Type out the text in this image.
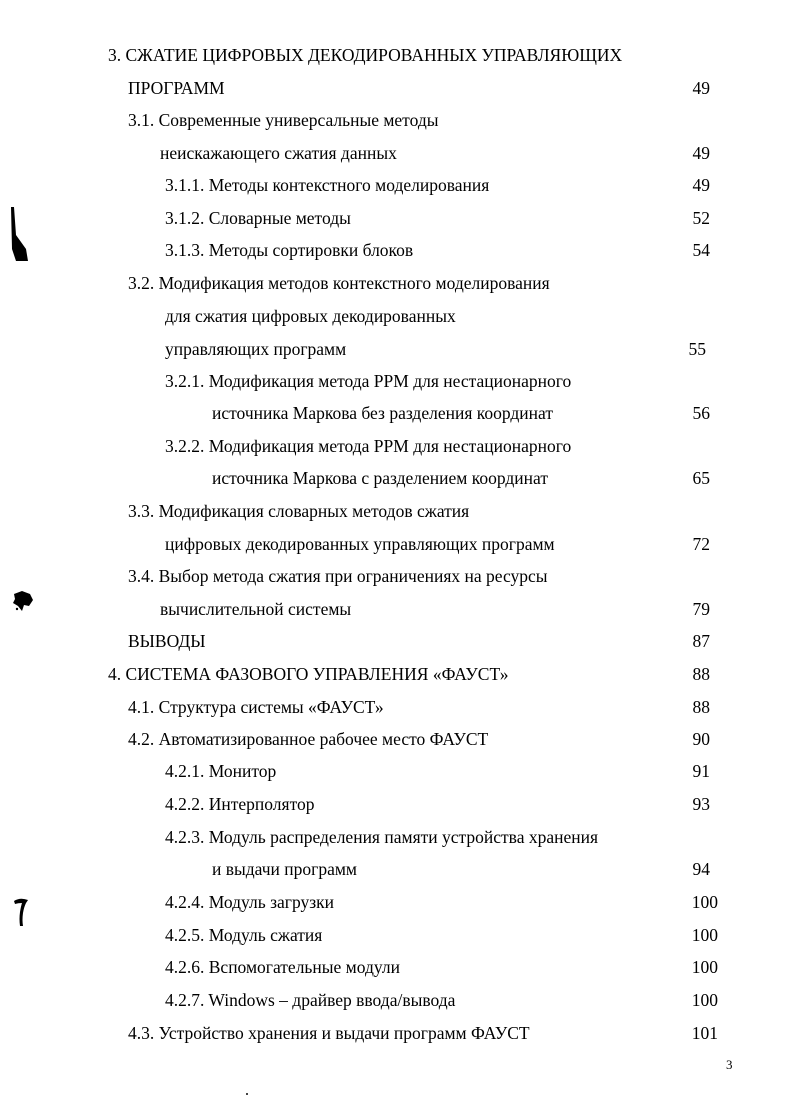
3. СЖАТИЕ ЦИФРОВЫХ ДЕКОДИРОВАННЫХ УПРАВЛЯЮЩИХ
ПРОГРАММ	49
3.1. Современные универсальные методы
неискажающего сжатия данных	49
3.1.1. Методы контекстного моделирования	49
3.1.2. Словарные методы	52
3.1.3. Методы сортировки блоков	54
3.2. Модификация методов контекстного моделирования
для сжатия цифровых декодированных
управляющих программ	55
3.2.1. Модификация метода PPM для нестационарного
источника Маркова без разделения координат	56
3.2.2. Модификация метода PPM для нестационарного
источника Маркова с разделением координат	65
3.3. Модификация словарных методов сжатия
цифровых декодированных управляющих программ	72
3.4. Выбор метода сжатия при ограничениях на ресурсы
вычислительной системы	79
ВЫВОДЫ	87
4. СИСТЕМА ФАЗОВОГО УПРАВЛЕНИЯ «ФАУСТ»	88
4.1. Структура системы «ФАУСТ»	88
4.2. Автоматизированное рабочее место ФАУСТ	90
4.2.1. Монитор	91
4.2.2. Интерполятор	93
4.2.3. Модуль распределения памяти устройства хранения
и выдачи программ	94
4.2.4. Модуль загрузки	100
4.2.5. Модуль сжатия	100
4.2.6. Вспомогательные модули	100
4.2.7. Windows – драйвер ввода/вывода	100
4.3. Устройство хранения и выдачи программ ФАУСТ	101
3
